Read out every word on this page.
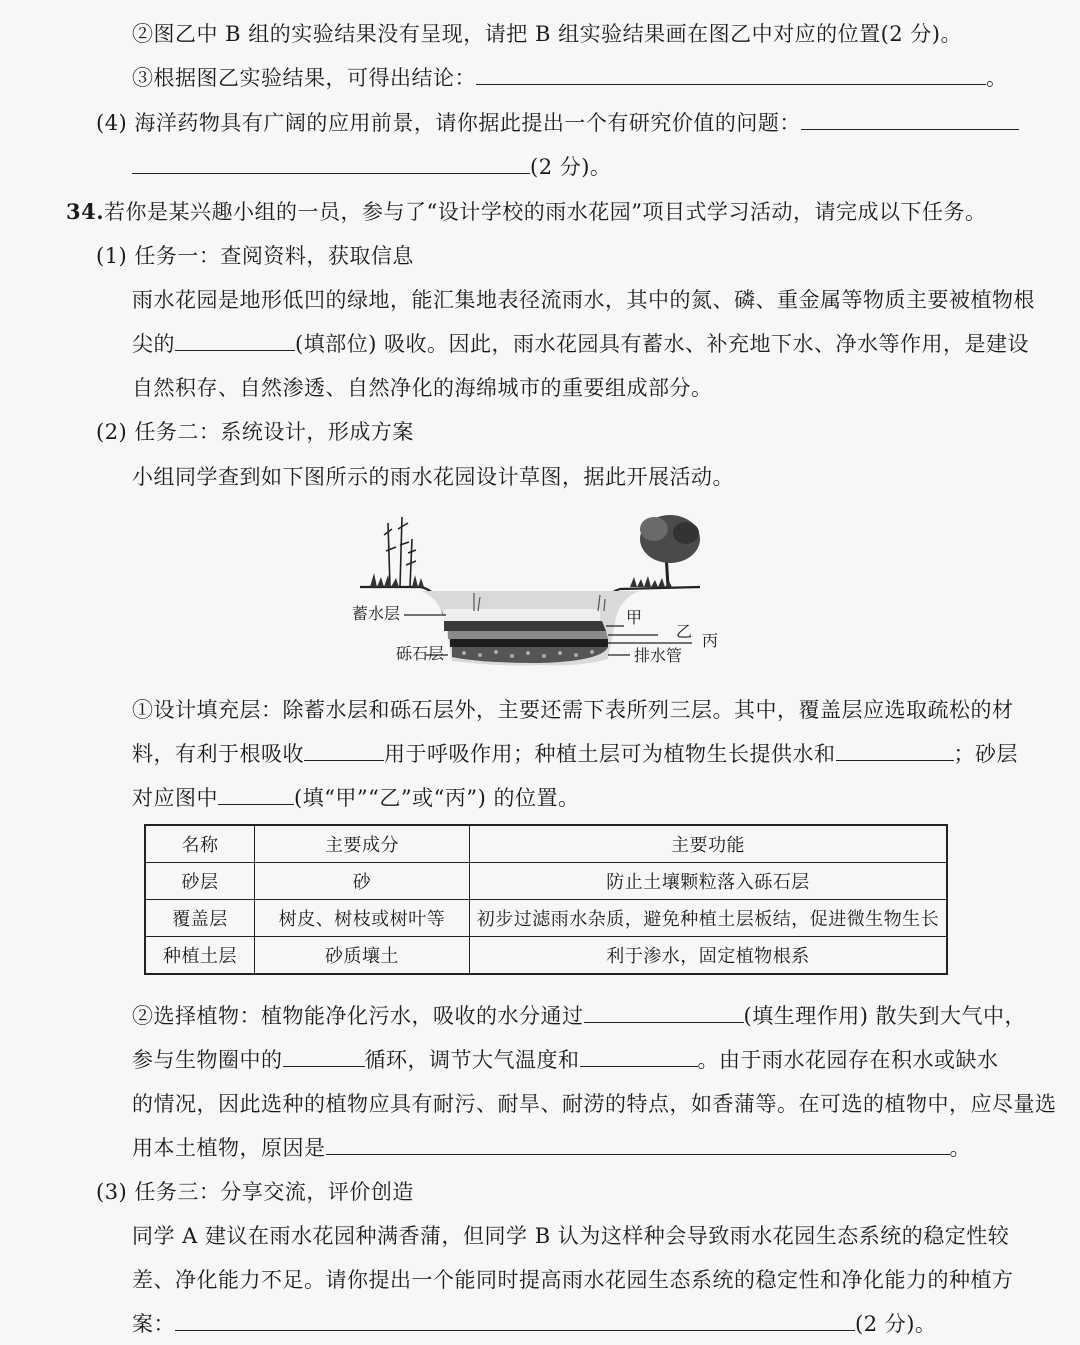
②图乙中 B 组的实验结果没有呈现，请把 B 组实验结果画在图乙中对应的位置(2 分)。
③根据图乙实验结果，可得出结论：	。
(4) 海洋药物具有广阔的应用前景，请你据此提出一个有研究价值的问题：
(2 分)。
34.若你是某兴趣小组的一员，参与了“设计学校的雨水花园”项目式学习活动，请完成以下任务。
(1) 任务一：查阅资料，获取信息
雨水花园是地形低凹的绿地，能汇集地表径流雨水，其中的氮、磷、重金属等物质主要被植物根
尖的	(填部位) 吸收。因此，雨水花园具有蓄水、补充地下水、净水等作用，是建设
自然积存、自然渗透、自然净化的海绵城市的重要组成部分。
(2) 任务二：系统设计，形成方案
小组同学查到如下图所示的雨水花园设计草图，据此开展活动。
蓄水层
砾石层
甲
乙 丙
排水管
①设计填充层：除蓄水层和砾石层外，主要还需下表所列三层。其中，覆盖层应选取疏松的材
料，有利于根吸收	用于呼吸作用；种植土层可为植物生长提供水和	；砂层
对应图中	(填“甲”“乙”或“丙”) 的位置。
名称	主要成分	主要功能
砂层	砂	防止土壤颗粒落入砾石层
覆盖层	树皮、树枝或树叶等	初步过滤雨水杂质，避免种植土层板结，促进微生物生长
种植土层	砂质壤土	利于渗水，固定植物根系
②选择植物：植物能净化污水，吸收的水分通过	(填生理作用) 散失到大气中，
参与生物圈中的	循环，调节大气温度和	。由于雨水花园存在积水或缺水
的情况，因此选种的植物应具有耐污、耐旱、耐涝的特点，如香蒲等。在可选的植物中，应尽量选
用本土植物，原因是	。
(3) 任务三：分享交流，评价创造
同学 A 建议在雨水花园种满香蒲，但同学 B 认为这样种会导致雨水花园生态系统的稳定性较
差、净化能力不足。请你提出一个能同时提高雨水花园生态系统的稳定性和净化能力的种植方
案：	(2 分)。
